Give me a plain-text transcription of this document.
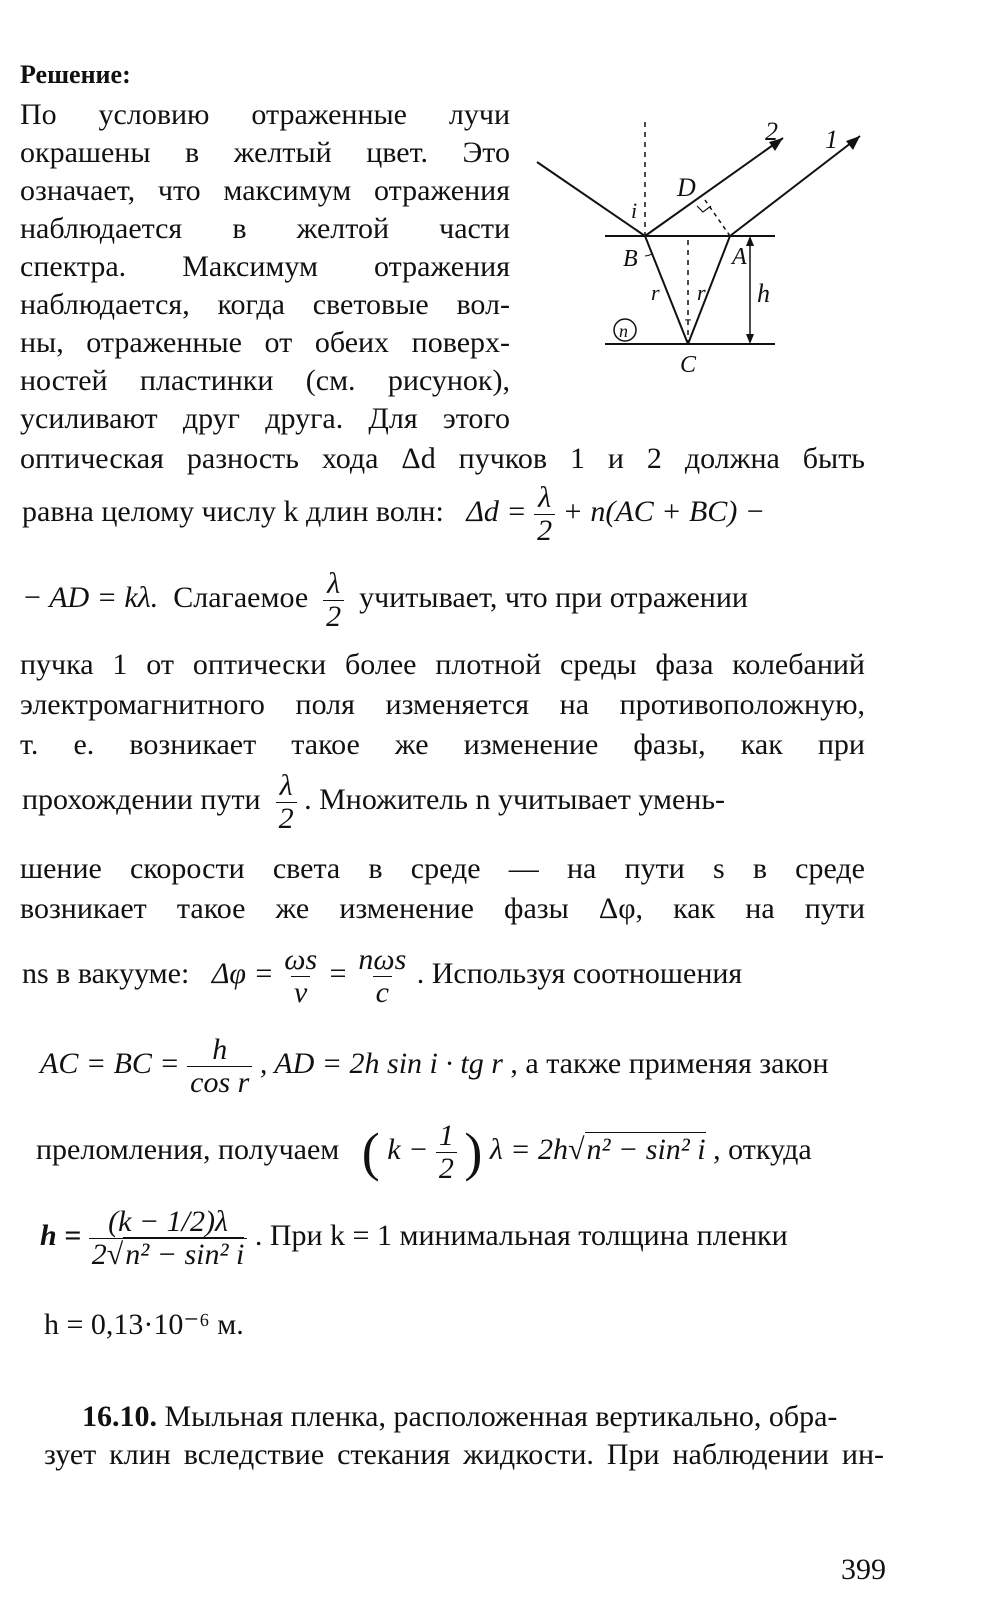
Решение:
По условию отраженные лучи
окрашены в желтый цвет. Это
означает, что максимум отражения
наблюдается в желтой части
спектра. Максимум отражения
наблюдается, когда световые вол-
ны, отраженные от обеих поверх-
ностей пластинки (см. рисунок),
усиливают друг друга. Для этого
2 1
D
i
B	A
r r h
n
C
оптическая разность хода Δd пучков 1 и 2 должна быть
равна целому числу k длин волн: $\Delta d = \frac{\lambda}{2} + n(AC + BC)$ −
− AD = kλ. Слагаемое $\frac{\lambda}{2}$ учитывает, что при отражении
пучка 1 от оптически более плотной среды фаза колебаний
электромагнитного поля изменяется на противоположную,
т. е. возникает такое же изменение фазы, как при
прохождении пути $\frac{\lambda}{2}$ . Множитель n учитывает умень-
шение скорости света в среде — на пути s в среде
возникает такое же изменение фазы Δφ, как на пути
ns в вакууме: $\Delta\varphi = \frac{\omega s}{v} = \frac{\text{nωs}}{c}$ . Используя соотношения
AC = BC = $\frac{h}{\text{cos r}}$ , AD = 2h sin i · tg r , а также применяя закон
преломления, получаем ( $k - \frac{1}{2}$ ) λ = 2h√n² − sin² i , откуда
$h = \frac{(k - 1/2)\lambda}{\text{2√n² − sin² i}}$ . При k = 1 минимальная толщина пленки
h = 0,13·10⁻⁶ м.
16.10. Мыльная пленка, расположенная вертикально, обра-
зует клин вследствие стекания жидкости. При наблюдении ин-
399
